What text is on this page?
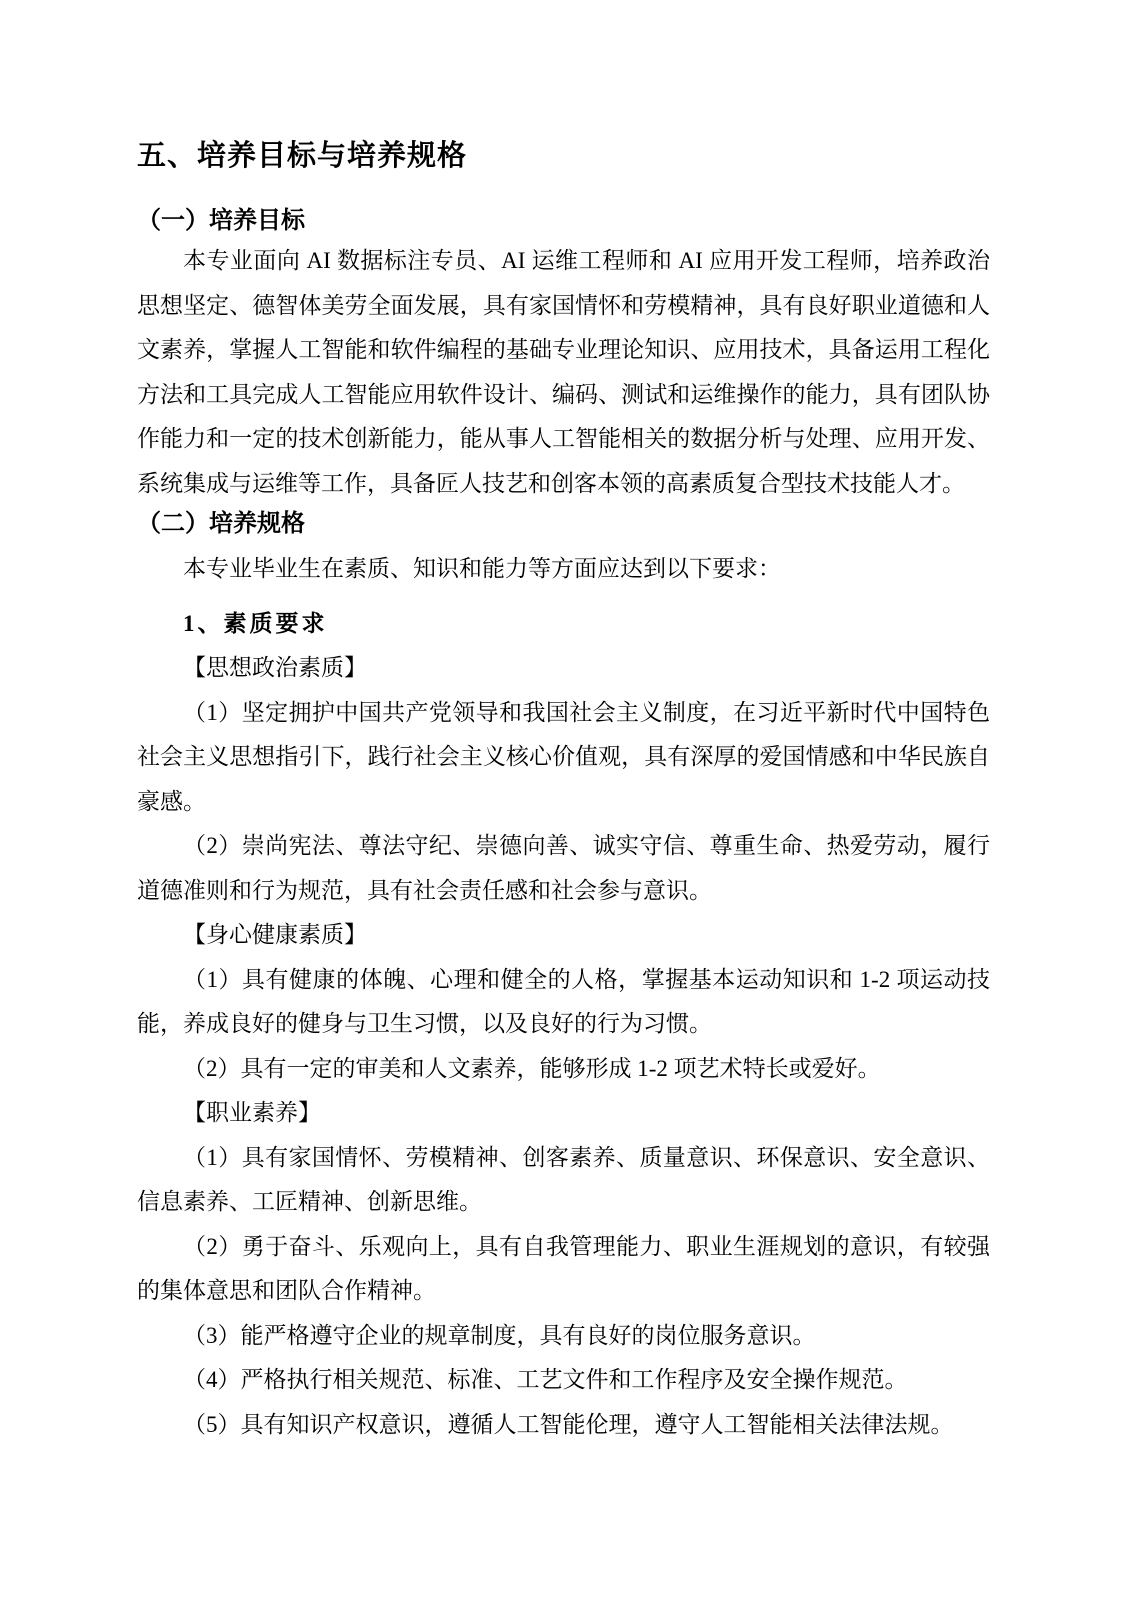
五、培养目标与培养规格
（一）培养目标

本专业面向 AI 数据标注专员、AI 运维工程师和 AI 应用开发工程师，培养政治思想坚定、德智体美劳全面发展，具有家国情怀和劳模精神，具有良好职业道德和人文素养，掌握人工智能和软件编程的基础专业理论知识、应用技术，具备运用工程化方法和工具完成人工智能应用软件设计、编码、测试和运维操作的能力，具有团队协作能力和一定的技术创新能力，能从事人工智能相关的数据分析与处理、应用开发、系统集成与运维等工作，具备匠人技艺和创客本领的高素质复合型技术技能人才。

（二）培养规格

本专业毕业生在素质、知识和能力等方面应达到以下要求：

1、素质要求

【思想政治素质】

（1）坚定拥护中国共产党领导和我国社会主义制度，在习近平新时代中国特色社会主义思想指引下，践行社会主义核心价值观，具有深厚的爱国情感和中华民族自豪感。

（2）崇尚宪法、尊法守纪、崇德向善、诚实守信、尊重生命、热爱劳动，履行道德准则和行为规范，具有社会责任感和社会参与意识。

【身心健康素质】

（1）具有健康的体魄、心理和健全的人格，掌握基本运动知识和 1-2 项运动技能，养成良好的健身与卫生习惯，以及良好的行为习惯。

（2）具有一定的审美和人文素养，能够形成 1-2 项艺术特长或爱好。

【职业素养】

（1）具有家国情怀、劳模精神、创客素养、质量意识、环保意识、安全意识、信息素养、工匠精神、创新思维。

（2）勇于奋斗、乐观向上，具有自我管理能力、职业生涯规划的意识，有较强的集体意思和团队合作精神。

（3）能严格遵守企业的规章制度，具有良好的岗位服务意识。

（4）严格执行相关规范、标准、工艺文件和工作程序及安全操作规范。

（5）具有知识产权意识，遵循人工智能伦理，遵守人工智能相关法律法规。
